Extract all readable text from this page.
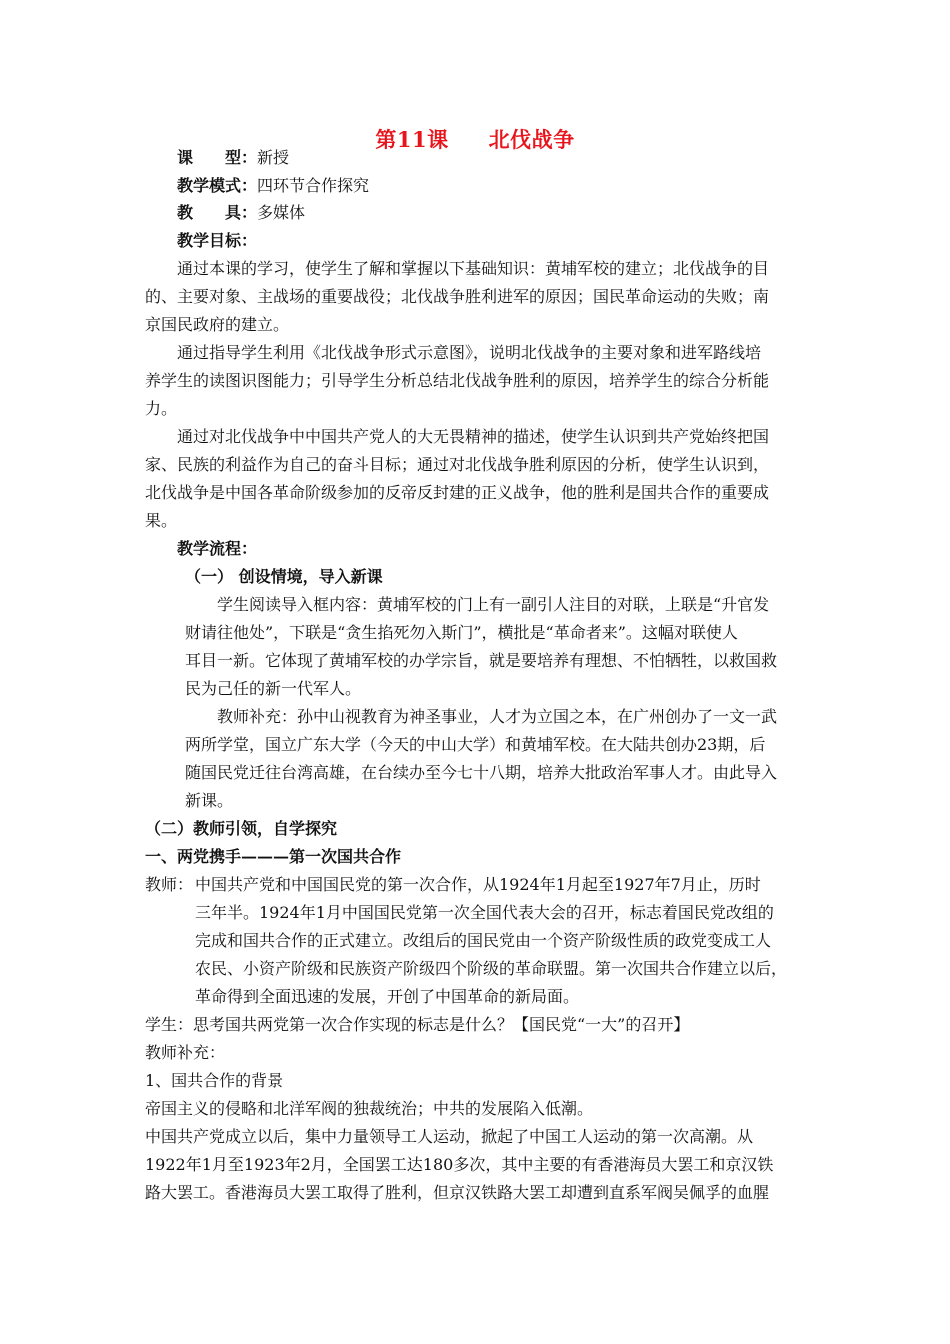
第11课 北伐战争
课　　型：新授
教学模式：四环节合作探究
教　　具：多媒体
教学目标：
通过本课的学习，使学生了解和掌握以下基础知识：黄埔军校的建立；北伐战争的目
的、主要对象、主战场的重要战役；北伐战争胜利进军的原因；国民革命运动的失败；南
京国民政府的建立。
通过指导学生利用《北伐战争形式示意图》，说明北伐战争的主要对象和进军路线培
养学生的读图识图能力；引导学生分析总结北伐战争胜利的原因，培养学生的综合分析能
力。
通过对北伐战争中中国共产党人的大无畏精神的描述，使学生认识到共产党始终把国
家、民族的利益作为自己的奋斗目标；通过对北伐战争胜利原因的分析，使学生认识到，
北伐战争是中国各革命阶级参加的反帝反封建的正义战争，他的胜利是国共合作的重要成
果。
教学流程：
（一） 创设情境，导入新课
学生阅读导入框内容：黄埔军校的门上有一副引人注目的对联，上联是“升官发
财请往他处”，下联是“贪生掐死勿入斯门”，横批是“革命者来”。这幅对联使人
耳目一新。它体现了黄埔军校的办学宗旨，就是要培养有理想、不怕牺牲，以救国救
民为己任的新一代军人。
教师补充：孙中山视教育为神圣事业，人才为立国之本，在广州创办了一文一武
两所学堂，国立广东大学（今天的中山大学）和黄埔军校。在大陆共创办23期，后
随国民党迁往台湾高雄，在台续办至今七十八期，培养大批政治军事人才。由此导入
新课。
（二）教师引领，自学探究
一、两党携手———第一次国共合作
教师： 中国共产党和中国国民党的第一次合作，从1924年1月起至1927年7月止，历时
三年半。1924年1月中国国民党第一次全国代表大会的召开，标志着国民党改组的
完成和国共合作的正式建立。改组后的国民党由一个资产阶级性质的政党变成工人
农民、小资产阶级和民族资产阶级四个阶级的革命联盟。第一次国共合作建立以后，
革命得到全面迅速的发展，开创了中国革命的新局面。
学生：思考国共两党第一次合作实现的标志是什么？【国民党“一大”的召开】
教师补充：
1、国共合作的背景
帝国主义的侵略和北洋军阀的独裁统治；中共的发展陷入低潮。
中国共产党成立以后，集中力量领导工人运动，掀起了中国工人运动的第一次高潮。从
1922年1月至1923年2月，全国罢工达180多次，其中主要的有香港海员大罢工和京汉铁
路大罢工。香港海员大罢工取得了胜利，但京汉铁路大罢工却遭到直系军阀吴佩孚的血腥
